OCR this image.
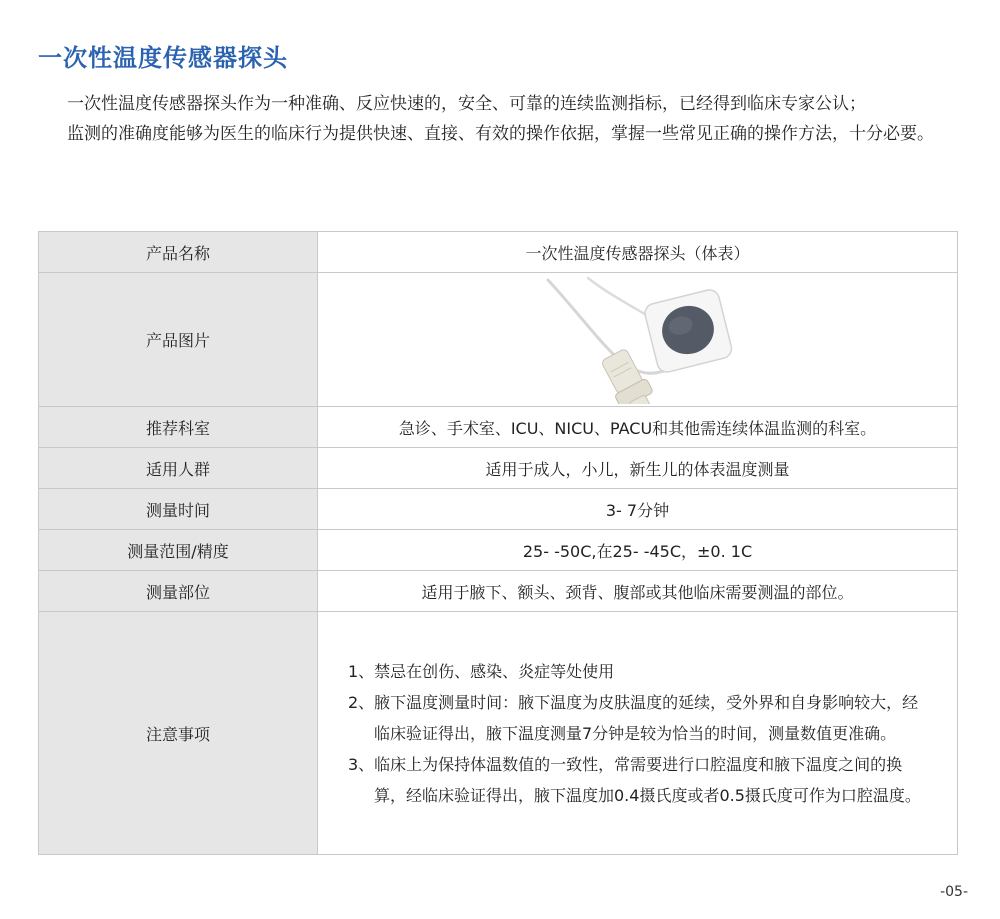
一次性温度传感器探头

一次性温度传感器探头作为一种准确、反应快速的，安全、可靠的连续监测指标，已经得到临床专家公认；

监测的准确度能够为医生的临床行为提供快速、直接、有效的操作依据，掌握一些常见正确的操作方法，十分必要。

产品名称	一次性温度传感器探头（体表）
产品图片	

推荐科室	急诊、手术室、ICU、NICU、PACU和其他需连续体温监测的科室。
适用人群	适用于成人，小儿，新生儿的体表温度测量
测量时间	3- 7分钟
测量范围/精度	25- -50C,在25- -45C，±0. 1C
测量部位	适用于腋下、额头、颈背、腹部或其他临床需要测温的部位。
注意事项	1、禁忌在创伤、感染、炎症等处使用
2、腋下温度测量时间：腋下温度为皮肤温度的延续，受外界和自身影响较大，经临床验证得出，腋下温度测量7分钟是较为恰当的时间，测量数值更准确。
3、临床上为保持体温数值的一致性，常需要进行口腔温度和腋下温度之间的换算，经临床验证得出，腋下温度加0.4摄氏度或者0.5摄氏度可作为口腔温度。
-05-
